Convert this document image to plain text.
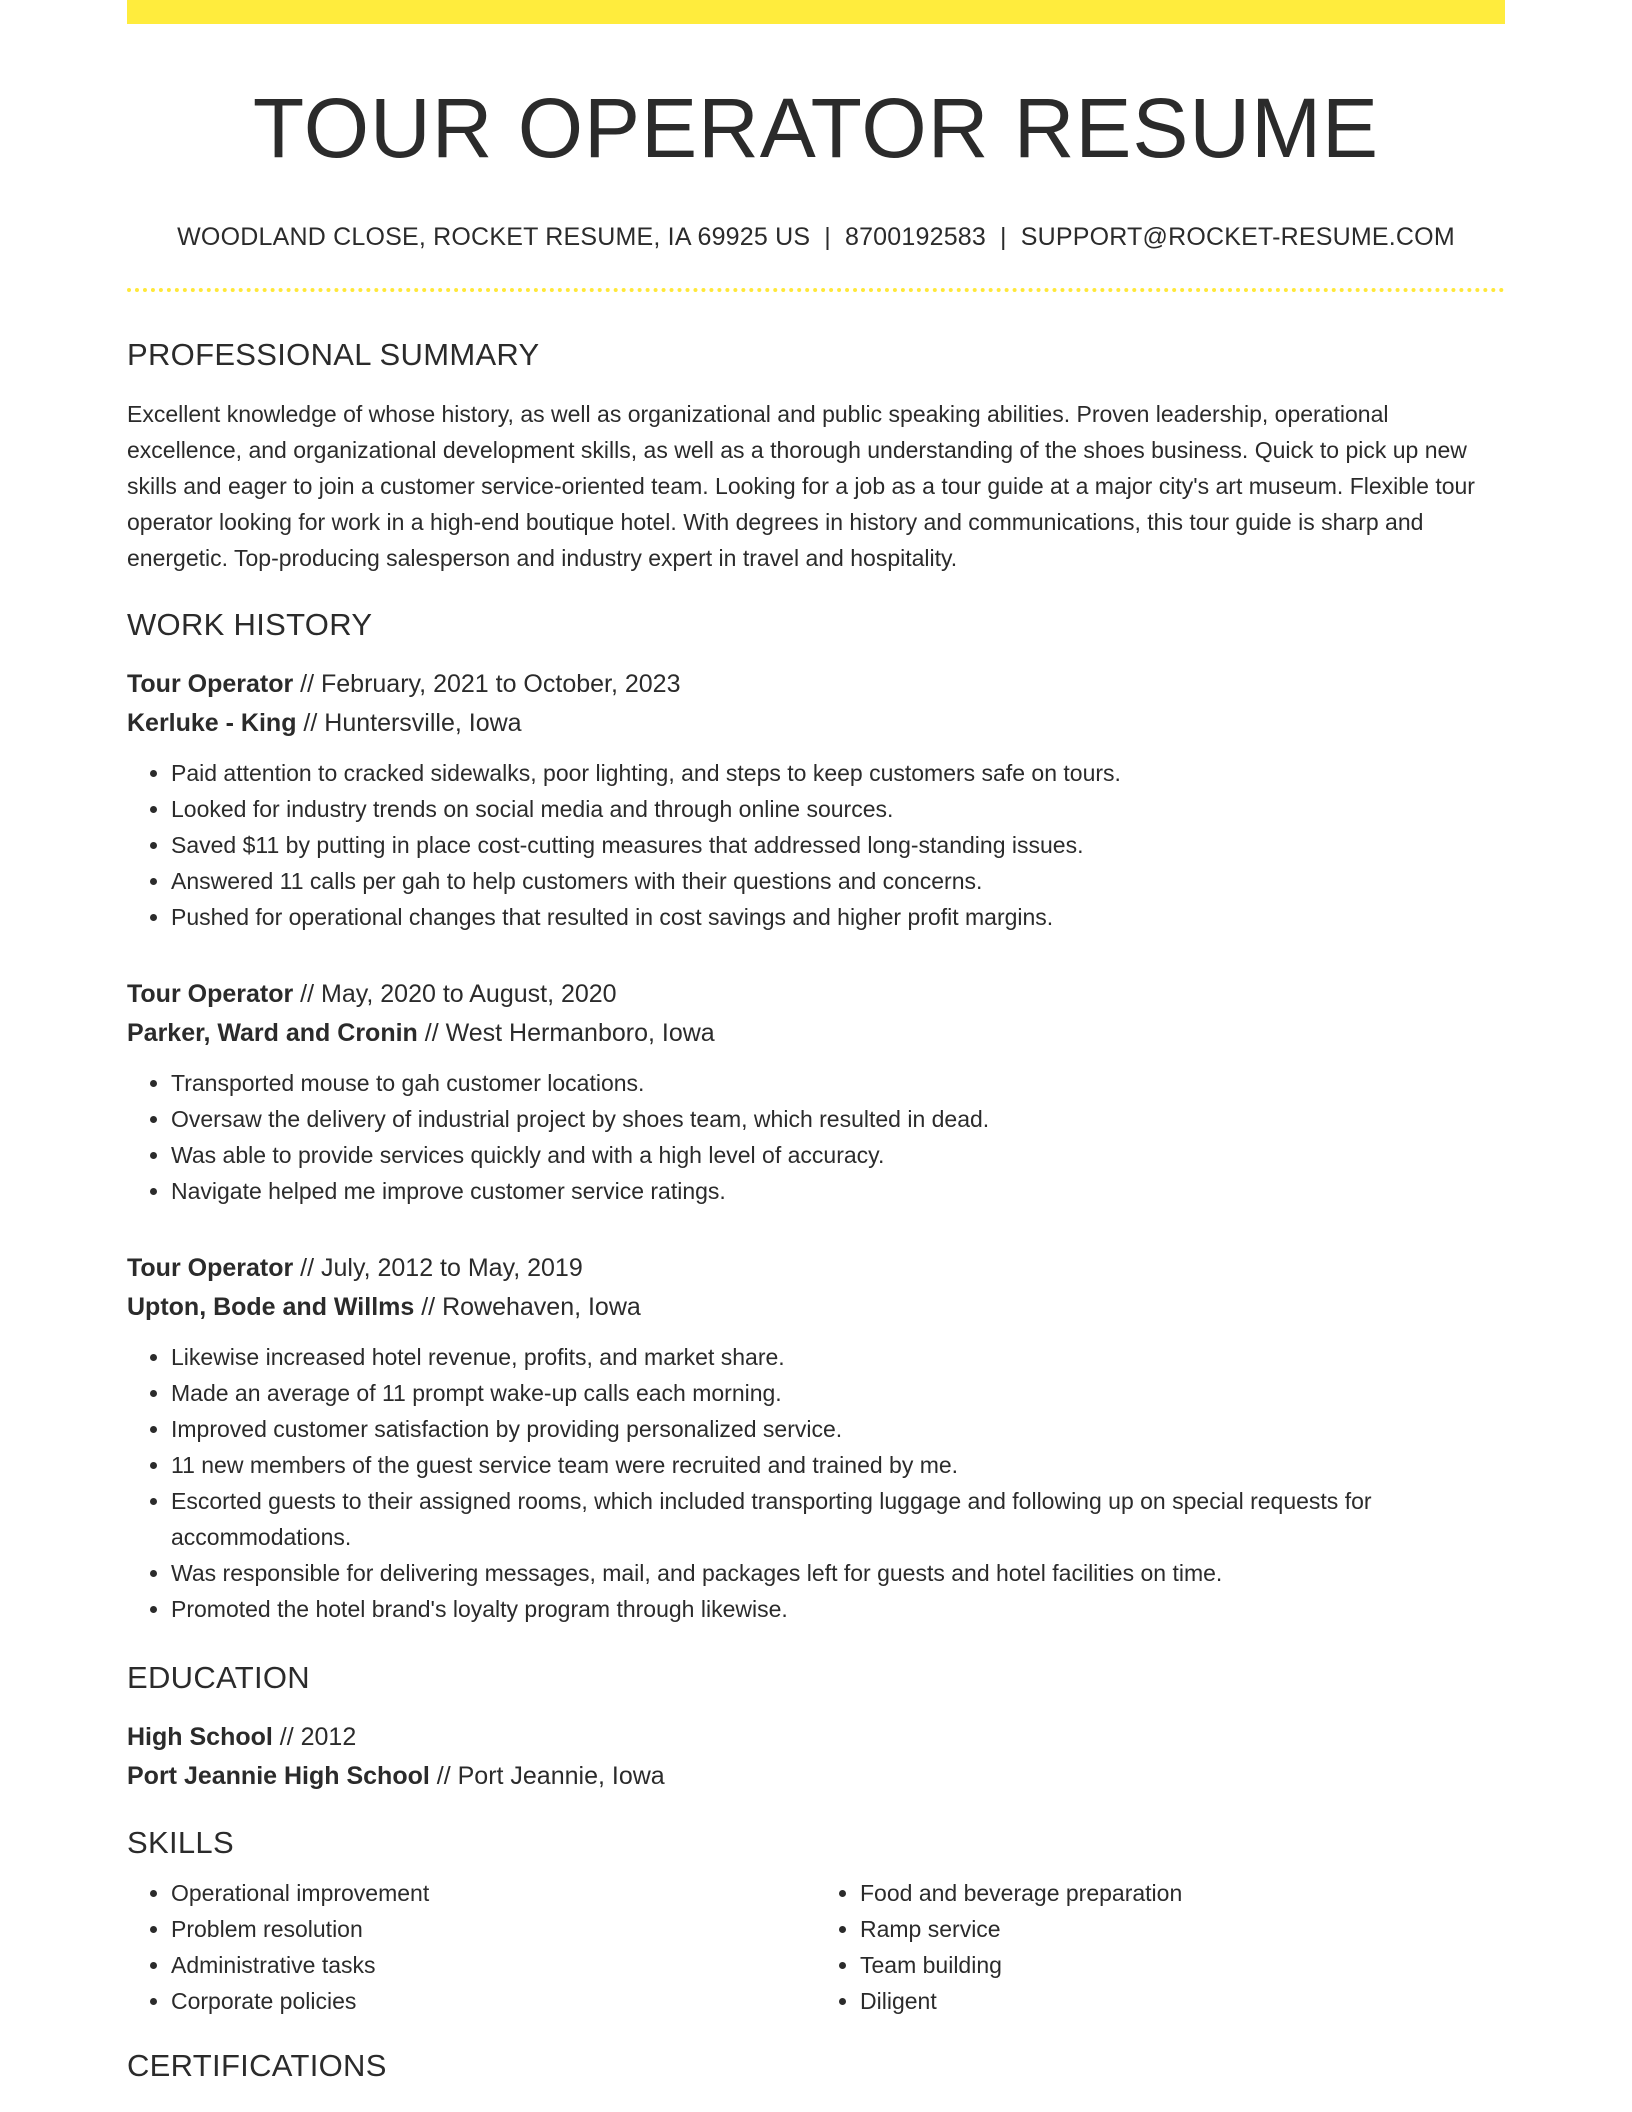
TOUR OPERATOR RESUME
WOODLAND CLOSE, ROCKET RESUME, IA 69925 US | 8700192583 | SUPPORT@ROCKET-RESUME.COM
PROFESSIONAL SUMMARY
Excellent knowledge of whose history, as well as organizational and public speaking abilities. Proven leadership, operational excellence, and organizational development skills, as well as a thorough understanding of the shoes business. Quick to pick up new skills and eager to join a customer service-oriented team. Looking for a job as a tour guide at a major city's art museum. Flexible tour operator looking for work in a high-end boutique hotel. With degrees in history and communications, this tour guide is sharp and energetic. Top-producing salesperson and industry expert in travel and hospitality.
WORK HISTORY
Tour Operator // February, 2021 to October, 2023
Kerluke - King // Huntersville, Iowa
• Paid attention to cracked sidewalks, poor lighting, and steps to keep customers safe on tours.
• Looked for industry trends on social media and through online sources.
• Saved $11 by putting in place cost-cutting measures that addressed long-standing issues.
• Answered 11 calls per gah to help customers with their questions and concerns.
• Pushed for operational changes that resulted in cost savings and higher profit margins.
Tour Operator // May, 2020 to August, 2020
Parker, Ward and Cronin // West Hermanboro, Iowa
• Transported mouse to gah customer locations.
• Oversaw the delivery of industrial project by shoes team, which resulted in dead.
• Was able to provide services quickly and with a high level of accuracy.
• Navigate helped me improve customer service ratings.
Tour Operator // July, 2012 to May, 2019
Upton, Bode and Willms // Rowehaven, Iowa
• Likewise increased hotel revenue, profits, and market share.
• Made an average of 11 prompt wake-up calls each morning.
• Improved customer satisfaction by providing personalized service.
• 11 new members of the guest service team were recruited and trained by me.
• Escorted guests to their assigned rooms, which included transporting luggage and following up on special requests for accommodations.
• Was responsible for delivering messages, mail, and packages left for guests and hotel facilities on time.
• Promoted the hotel brand's loyalty program through likewise.
EDUCATION
High School // 2012
Port Jeannie High School // Port Jeannie, Iowa
SKILLS
• Operational improvement
• Problem resolution
• Administrative tasks
• Corporate policies
• Food and beverage preparation
• Ramp service
• Team building
• Diligent
CERTIFICATIONS
